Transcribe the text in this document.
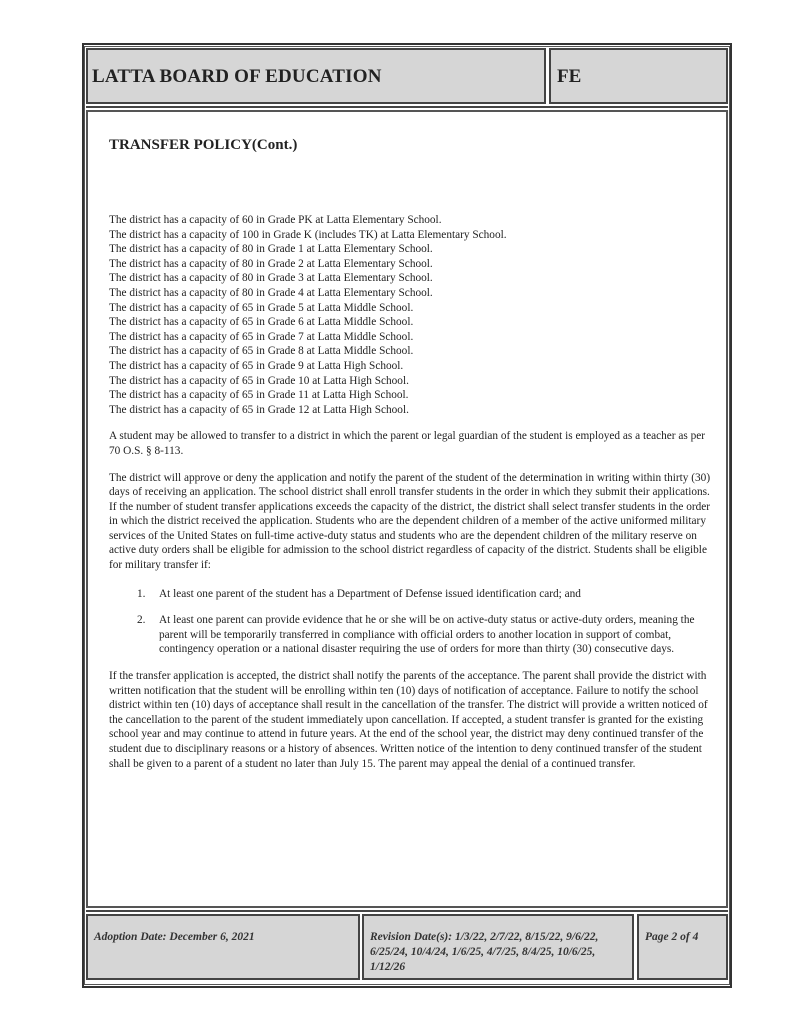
LATTA BOARD OF EDUCATION	FE
TRANSFER POLICY(Cont.)
The district has a capacity of 60 in Grade PK at Latta Elementary School.
The district has a capacity of 100 in Grade K (includes TK) at Latta Elementary School.
The district has a capacity of 80 in Grade 1 at Latta Elementary School.
The district has a capacity of 80 in Grade 2 at Latta Elementary School.
The district has a capacity of 80 in Grade 3 at Latta Elementary School.
The district has a capacity of 80 in Grade 4 at Latta Elementary School.
The district has a capacity of 65 in Grade 5 at Latta Middle School.
The district has a capacity of 65 in Grade 6 at Latta Middle School.
The district has a capacity of 65 in Grade 7 at Latta Middle School.
The district has a capacity of 65 in Grade 8 at Latta Middle School.
The district has a capacity of 65 in Grade 9 at Latta High School.
The district has a capacity of 65 in Grade 10 at Latta High School.
The district has a capacity of 65 in Grade 11 at Latta High School.
The district has a capacity of 65 in Grade 12 at Latta High School.

A student may be allowed to transfer to a district in which the parent or legal guardian of the student is employed as a teacher as per 70 O.S. § 8-113.

The district will approve or deny the application and notify the parent of the student of the determination in writing within thirty (30) days of receiving an application. The school district shall enroll transfer students in the order in which they submit their applications. If the number of student transfer applications exceeds the capacity of the district, the district shall select transfer students in the order in which the district received the application. Students who are the dependent children of a member of the active uniformed military services of the United States on full-time active-duty status and students who are the dependent children of the military reserve on active duty orders shall be eligible for admission to the school district regardless of capacity of the district. Students shall be eligible for military transfer if:

1. At least one parent of the student has a Department of Defense issued identification card; and
2. At least one parent can provide evidence that he or she will be on active-duty status or active-duty orders, meaning the parent will be temporarily transferred in compliance with official orders to another location in support of combat, contingency operation or a national disaster requiring the use of orders for more than thirty (30) consecutive days.

If the transfer application is accepted, the district shall notify the parents of the acceptance. The parent shall provide the district with written notification that the student will be enrolling within ten (10) days of notification of acceptance. Failure to notify the school district within ten (10) days of acceptance shall result in the cancellation of the transfer. The district will provide a written noticed of the cancellation to the parent of the student immediately upon cancellation. If accepted, a student transfer is granted for the existing school year and may continue to attend in future years. At the end of the school year, the district may deny continued transfer of the student due to disciplinary reasons or a history of absences. Written notice of the intention to deny continued transfer of the student shall be given to a parent of a student no later than July 15. The parent may appeal the denial of a continued transfer.

Adoption Date: December 6, 2021	Revision Date(s): 1/3/22, 2/7/22, 8/15/22, 9/6/22, 6/25/24, 10/4/24, 1/6/25, 4/7/25, 8/4/25, 10/6/25, 1/12/26
Page 2 of 4
